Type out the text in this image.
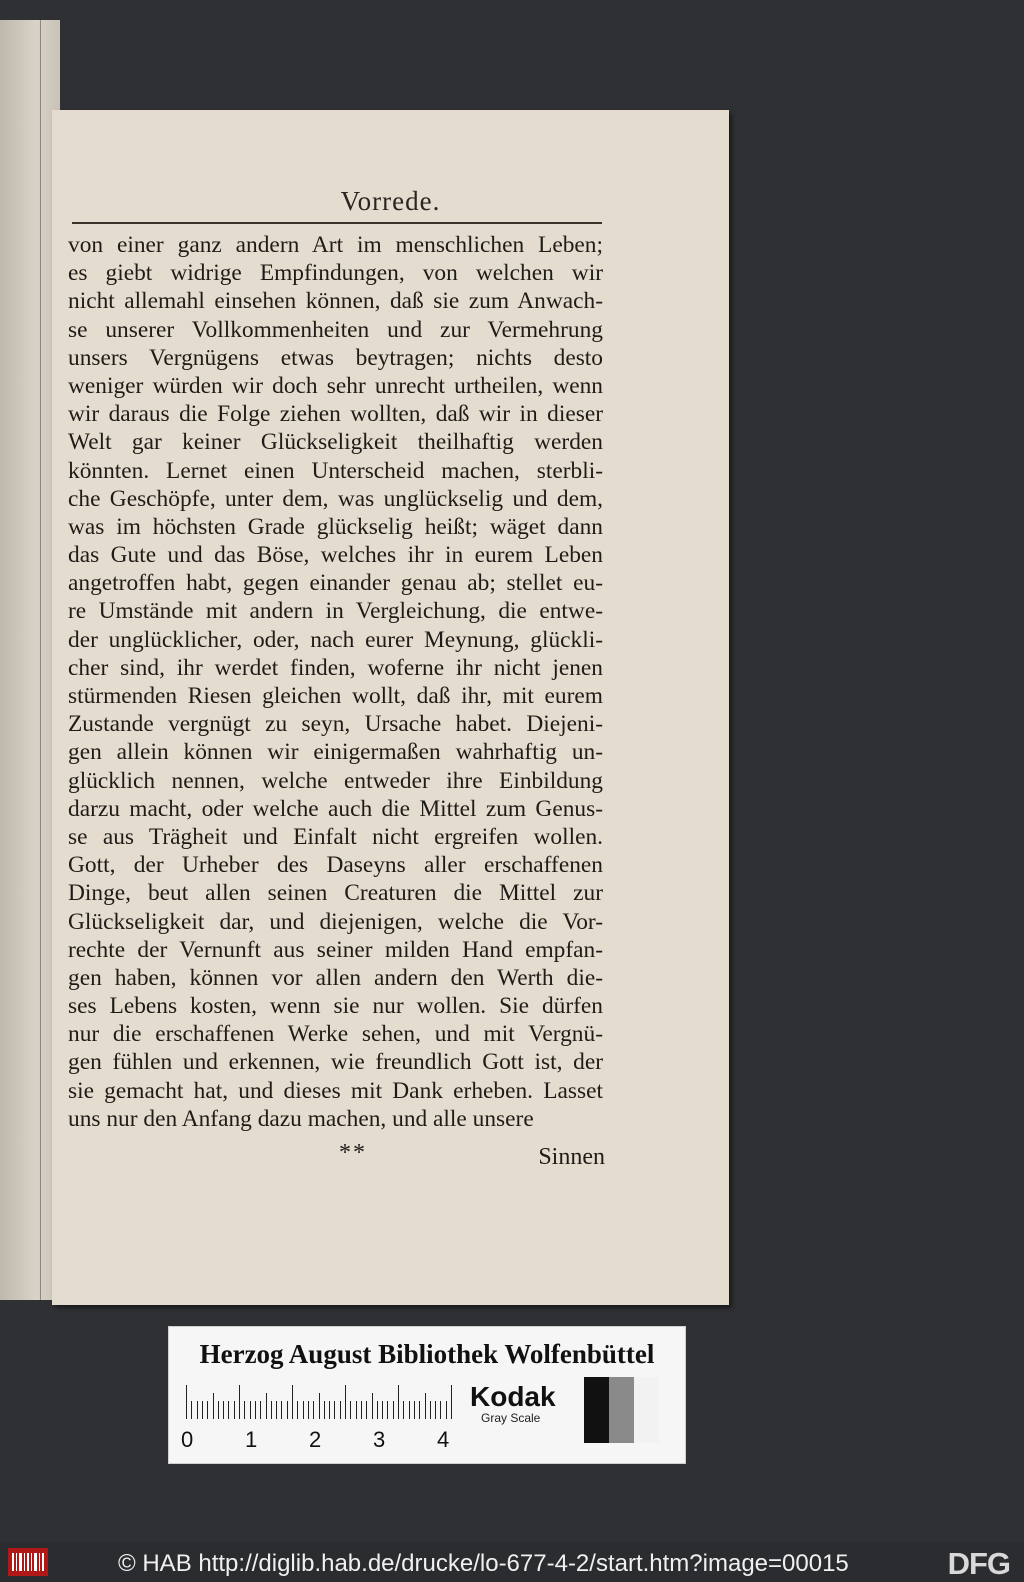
Vorrede.
von einer ganz andern Art im menschlichen Leben;
es giebt widrige Empfindungen, von welchen wir
nicht allemahl einsehen können, daß sie zum Anwach-
se unserer Vollkommenheiten und zur Vermehrung
unsers Vergnügens etwas beytragen; nichts desto
weniger würden wir doch sehr unrecht urtheilen, wenn
wir daraus die Folge ziehen wollten, daß wir in dieser
Welt gar keiner Glückseligkeit theilhaftig werden
könnten. Lernet einen Unterscheid machen, sterbli-
che Geschöpfe, unter dem, was unglückselig und dem,
was im höchsten Grade glückselig heißt; wäget dann
das Gute und das Böse, welches ihr in eurem Leben
angetroffen habt, gegen einander genau ab; stellet eu-
re Umstände mit andern in Vergleichung, die entwe-
der unglücklicher, oder, nach eurer Meynung, glückli-
cher sind, ihr werdet finden, woferne ihr nicht jenen
stürmenden Riesen gleichen wollt, daß ihr, mit eurem
Zustande vergnügt zu seyn, Ursache habet. Diejeni-
gen allein können wir einigermaßen wahrhaftig un-
glücklich nennen, welche entweder ihre Einbildung
darzu macht, oder welche auch die Mittel zum Genus-
se aus Trägheit und Einfalt nicht ergreifen wollen.
Gott, der Urheber des Daseyns aller erschaffenen
Dinge, beut allen seinen Creaturen die Mittel zur
Glückseligkeit dar, und diejenigen, welche die Vor-
rechte der Vernunft aus seiner milden Hand empfan-
gen haben, können vor allen andern den Werth die-
ses Lebens kosten, wenn sie nur wollen. Sie dürfen
nur die erschaffenen Werke sehen, und mit Vergnü-
gen fühlen und erkennen, wie freundlich Gott ist, der
sie gemacht hat, und dieses mit Dank erheben. Lasset
uns nur den Anfang dazu machen, und alle unsere
**	Sinnen
Herzog August Bibliothek Wolfenbüttel
0 1 2 3 4
Kodak
Gray Scale
© HAB http://diglib.hab.de/drucke/lo-677-4-2/start.htm?image=00015	DFG
